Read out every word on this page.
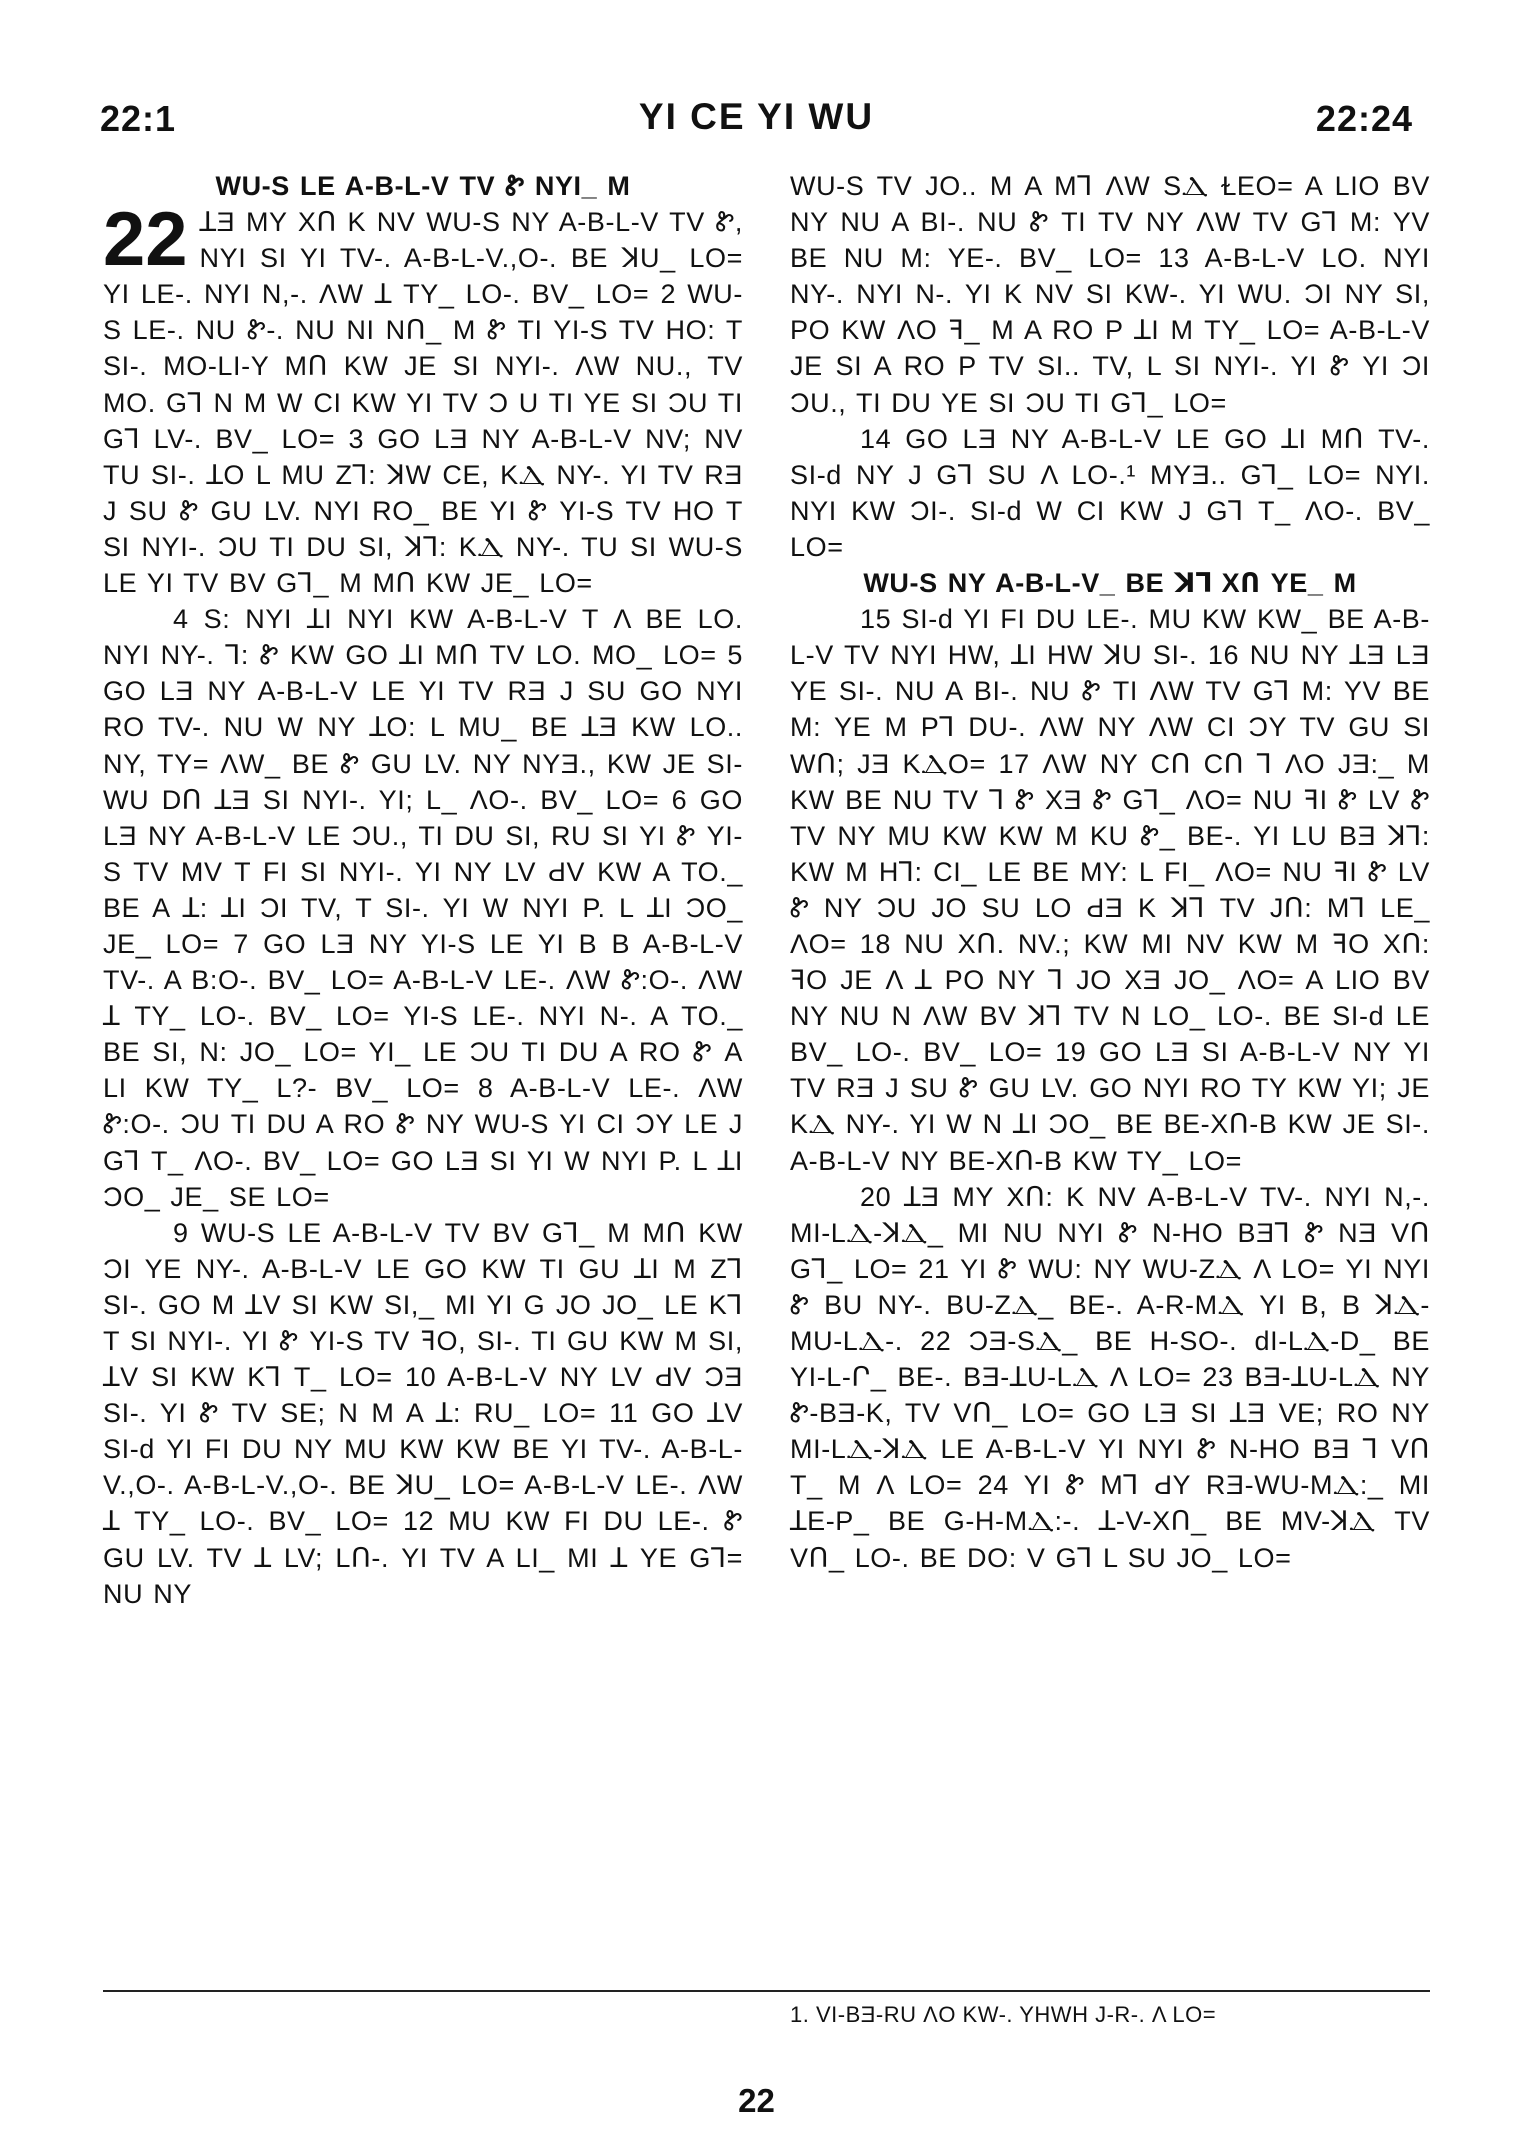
22:1	YI CE YI WU	22:24

WU-S LE A-B-L-V TV Ꮡ NYI_ M

22 ꓕƎ MY XՈ K NV WU-S NY A-B-L-V TV Ꮡ, NYI SI YI TV-. A-B-L-V.,O-. BE ꓘU_ LO= YI LE-. NYI N,-. ΛW ꓕ TY_ LO-. BV_ LO= 2 WU-S LE-. NU Ꮡ-. NU NI NՈ_ M Ꮡ TI YI-S TV HO: T SI-. MO-LI-Y MՈ KW JE SI NYI-. ΛW NU., TV MO. Gꓶ N M W CI KW YI TV Ɔ U TI YE SI ƆU TI Gꓶ LV-. BV_ LO= 3 GO LƎ NY A-B-L-V NV; NV TU SI-. ꓕO L MU Zꓶ: ꓘW CE, KⲆ NY-. YI TV RƎ J SU Ꮡ GU LV. NYI RO_ BE YI Ꮡ YI-S TV HO T SI NYI-. ƆU TI DU SI, ꓘꓶ: KⲆ NY-. TU SI WU-S LE YI TV BV Gꓶ_ M MՈ KW JE_ LO=

4 S: NYI ꓕI NYI KW A-B-L-V T Λ BE LO. NYI NY-. ꓶ: Ꮡ KW GO ꓕI MՈ TV LO. MO_ LO= 5 GO LƎ NY A-B-L-V LE YI TV RƎ J SU GO NYI RO TV-. NU W NY ꓕO: L MU_ BE ꓕƎ KW LO.. NY, TY= ΛW_ BE Ꮡ GU LV. NY NYƎ., KW JE SI- WU DՈ ꓕƎ SI NYI-. YI; L_ ΛO-. BV_ LO= 6 GO LƎ NY A-B-L-V LE ƆU., TI DU SI, RU SI YI Ꮡ YI-S TV MV T FI SI NYI-. YI NY LV ԀV KW A TO._ BE A ꓕ: ꓕI ƆI TV, T SI-. YI W NYI P. L ꓕI ƆO_ JE_ LO= 7 GO LƎ NY YI-S LE YI B B A-B-L-V TV-. A B:O-. BV_ LO= A-B-L-V LE-. ΛW Ꮡ:O-. ΛW ꓕ TY_ LO-. BV_ LO= YI-S LE-. NYI N-. A TO._ BE SI, N: JO_ LO= YI_ LE ƆU TI DU A RO Ꮡ A LI KW TY_ L?- BV_ LO= 8 A-B-L-V LE-. ΛW Ꮡ:O-. ƆU TI DU A RO Ꮡ NY WU-S YI CI ƆY LE J Gꓶ T_ ΛO-. BV_ LO= GO LƎ SI YI W NYI P. L ꓕI ƆO_ JE_ SE LO=

9 WU-S LE A-B-L-V TV BV Gꓶ_ M MՈ KW ƆI YE NY-. A-B-L-V LE GO KW TI GU ꓕI M Zꓶ SI-. GO M ꓕV SI KW SI,_ MI YI G JO JO_ LE Kꓶ T SI NYI-. YI Ꮡ YI-S TV ꟻO, SI-. TI GU KW M SI, ꓕV SI KW Kꓶ T_ LO= 10 A-B-L-V NY LV ԀV ƆƎ SI-. YI Ꮡ TV SE; N M A ꓕ: RU_ LO= 11 GO ꓕV SI-d YI FI DU NY MU KW KW BE YI TV-. A-B-L-V.,O-. A-B-L-V.,O-. BE ꓘU_ LO= A-B-L-V LE-. ΛW ꓕ TY_ LO-. BV_ LO= 12 MU KW FI DU LE-. Ꮡ GU LV. TV ꓕ LV; LՈ-. YI TV A LI_ MI ꓕ YE Gꓶ= NU NY

WU-S TV JO.. M A Mꓶ ΛW SⲆ ⱢEO= A LIO BV NY NU A BI-. NU Ꮡ TI TV NY ΛW TV Gꓶ M: YV BE NU M: YE-. BV_ LO= 13 A-B-L-V LO. NYI NY-. NYI N-. YI K NV SI KW-. YI WU. ƆI NY SI, PO KW ΛO ꟻ_ M A RO P ꓕI M TY_ LO= A-B-L-V JE SI A RO P TV SI.. TV, L SI NYI-. YI Ꮡ YI ƆI ƆU., TI DU YE SI ƆU TI Gꓶ_ LO=

14 GO LƎ NY A-B-L-V LE GO ꓕI MՈ TV-. SI-d NY J Gꓶ SU Λ LO-.¹ MYƎ.. Gꓶ_ LO= NYI. NYI KW ƆI-. SI-d W CI KW J Gꓶ T_ ΛO-. BV_ LO=

WU-S NY A-B-L-V_ BE ꓘꓶ XՈ YE_ M

15 SI-d YI FI DU LE-. MU KW KW_ BE A-B-L-V TV NYI HW, ꓕI HW ꓘU SI-. 16 NU NY ꓕƎ LƎ YE SI-. NU A BI-. NU Ꮡ TI ΛW TV Gꓶ M: YV BE M: YE M Pꓶ DU-. ΛW NY ΛW CI ƆY TV GU SI WՈ; JƎ KⲆO= 17 ΛW NY CՈ CՈ ꓶ ΛO JƎ:_ M KW BE NU TV ꓶ Ꮡ XƎ Ꮡ Gꓶ_ ΛO= NU ꟻI Ꮡ LV Ꮡ TV NY MU KW KW M KU Ꮡ_ BE-. YI LU BƎ ꓘꓶ: KW M Hꓶ: CI_ LE BE MY: L FI_ ΛO= NU ꟻI Ꮡ LV Ꮡ NY ƆU JO SU LO ԀƎ K ꓘꓶ TV JՈ: Mꓶ LE_ ΛO= 18 NU XՈ. NV.; KW MI NV KW M ꟻO XՈ: ꟻO JE Λ ꓕ PO NY ꓶ JO XƎ JO_ ΛO= A LIO BV NY NU N ΛW BV ꓘꓶ TV N LO_ LO-. BE SI-d LE BV_ LO-. BV_ LO= 19 GO LƎ SI A-B-L-V NY YI TV RƎ J SU Ꮡ GU LV. GO NYI RO TY KW YI; JE KⲆ NY-. YI W N ꓕI ƆO_ BE BE-XՈ-B KW JE SI-. A-B-L-V NY BE-XՈ-B KW TY_ LO=

20 ꓕƎ MY XՈ: K NV A-B-L-V TV-. NYI N,-. MI-LⲆ-ꓘⲆ_ MI NU NYI Ꮡ N-HO BƎꓶ Ꮡ NƎ VՈ Gꓶ_ LO= 21 YI Ꮡ WU: NY WU-ZⲆ Λ LO= YI NYI Ꮡ BU NY-. BU-ZⲆ_ BE-. A-R-MⲆ YI B, B ꓘⲆ-MU-LⲆ-. 22 ƆƎ-SⲆ_ BE H-SO-. dI-LⲆ-D_ BE YI-L-Ր_ BE-. BƎ-ꓕU-LⲆ Λ LO= 23 BƎ-ꓕU-LⲆ NY Ꮡ-BƎ-K, TV VՈ_ LO= GO LƎ SI ꓕƎ VE; RO NY MI-LⲆ-ꓘⲆ LE A-B-L-V YI NYI Ꮡ N-HO BƎ ꓶ VՈ T_ M Λ LO= 24 YI Ꮡ Mꓶ ԀY RƎ-WU-MⲆ:_ MI ꓕE-P_ BE G-H-MⲆ:-. ꓕ-V-XՈ_ BE MV-ꓘⲆ TV VՈ_ LO-. BE DO: V Gꓶ L SU JO_ LO=

1. VI-BƎ-RU ΛO KW-. YHWH J-R-. Λ LO=
22
